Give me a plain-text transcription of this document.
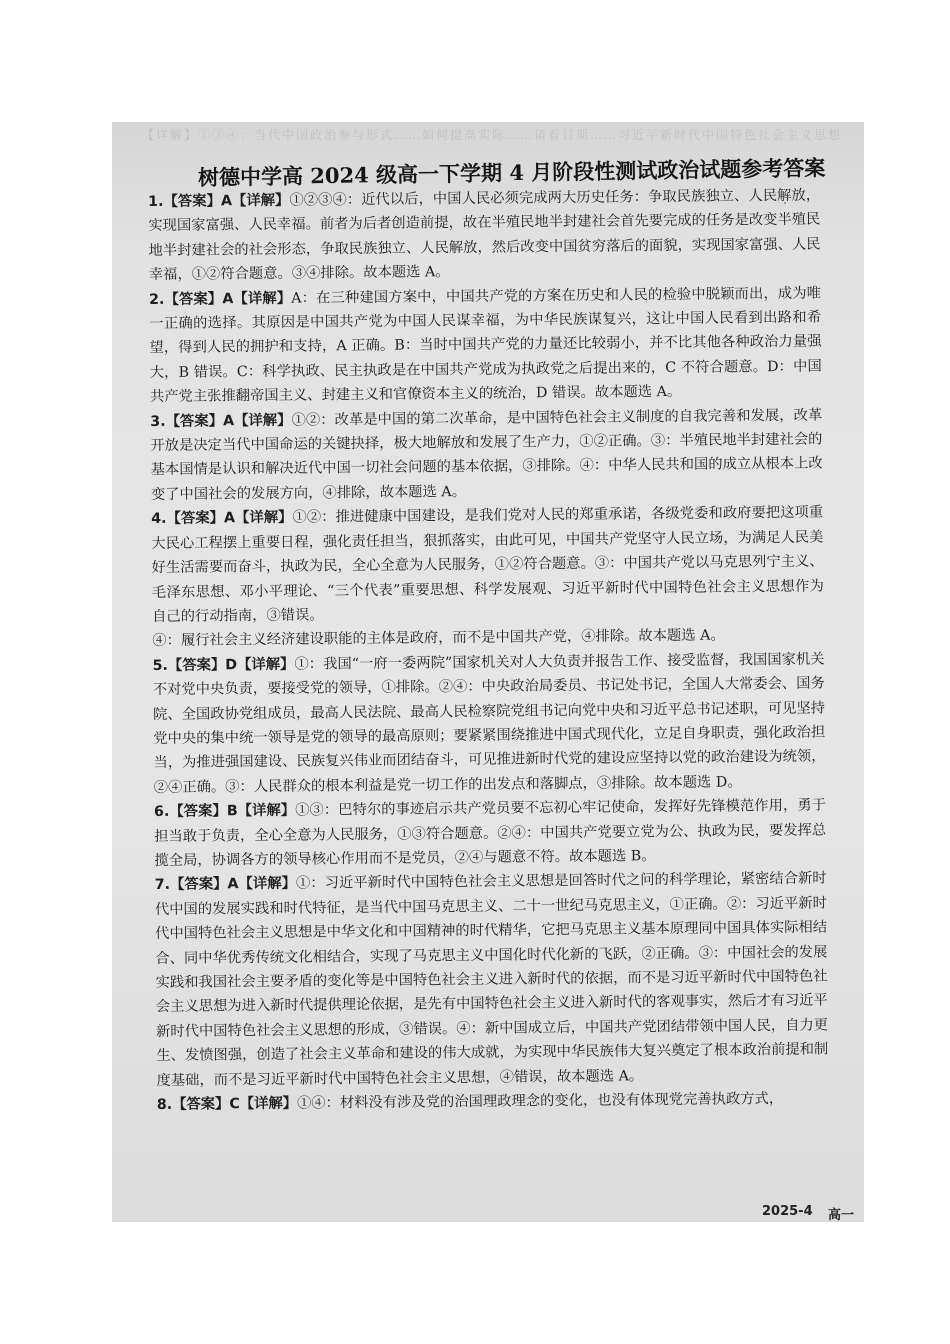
【详解】②③④：当代中国政治参与形式……如何提高实际……请看日期……习近平新时代中国特色社会主义思想
树德中学高 2024 级高一下学期 4 月阶段性测试政治试题参考答案

1.【答案】A【详解】①②③④：近代以后，中国人民必须完成两大历史任务：争取民族独立、人民解放，实现国家富强、人民幸福。前者为后者创造前提，故在半殖民地半封建社会首先要完成的任务是改变半殖民地半封建社会的社会形态，争取民族独立、人民解放，然后改变中国贫穷落后的面貌，实现国家富强、人民幸福，①②符合题意。③④排除。故本题选 A。

2.【答案】A【详解】A：在三种建国方案中，中国共产党的方案在历史和人民的检验中脱颖而出，成为唯一正确的选择。其原因是中国共产党为中国人民谋幸福，为中华民族谋复兴，这让中国人民看到出路和希望，得到人民的拥护和支持，A 正确。B：当时中国共产党的力量还比较弱小，并不比其他各种政治力量强大，B 错误。C：科学执政、民主执政是在中国共产党成为执政党之后提出来的，C 不符合题意。D：中国共产党主张推翻帝国主义、封建主义和官僚资本主义的统治，D 错误。故本题选 A。

3.【答案】A【详解】①②：改革是中国的第二次革命，是中国特色社会主义制度的自我完善和发展，改革开放是决定当代中国命运的关键抉择，极大地解放和发展了生产力，①②正确。③：半殖民地半封建社会的基本国情是认识和解决近代中国一切社会问题的基本依据，③排除。④：中华人民共和国的成立从根本上改变了中国社会的发展方向，④排除，故本题选 A。

4.【答案】A【详解】①②：推进健康中国建设，是我们党对人民的郑重承诺，各级党委和政府要把这项重大民心工程摆上重要日程，强化责任担当，狠抓落实，由此可见，中国共产党坚守人民立场，为满足人民美好生活需要而奋斗，执政为民，全心全意为人民服务，①②符合题意。③：中国共产党以马克思列宁主义、毛泽东思想、邓小平理论、“三个代表”重要思想、科学发展观、习近平新时代中国特色社会主义思想作为自己的行动指南，③错误。

④：履行社会主义经济建设职能的主体是政府，而不是中国共产党，④排除。故本题选 A。

5.【答案】D【详解】①：我国“一府一委两院”国家机关对人大负责并报告工作、接受监督，我国国家机关不对党中央负责，要接受党的领导，①排除。②④：中央政治局委员、书记处书记，全国人大常委会、国务院、全国政协党组成员，最高人民法院、最高人民检察院党组书记向党中央和习近平总书记述职，可见坚持党中央的集中统一领导是党的领导的最高原则；要紧紧围绕推进中国式现代化，立足自身职责，强化政治担当，为推进强国建设、民族复兴伟业而团结奋斗，可见推进新时代党的建设应坚持以党的政治建设为统领，②④正确。③：人民群众的根本利益是党一切工作的出发点和落脚点，③排除。故本题选 D。

6.【答案】B【详解】①③：巴特尔的事迹启示共产党员要不忘初心牢记使命，发挥好先锋模范作用，勇于担当敢于负责，全心全意为人民服务，①③符合题意。②④：中国共产党要立党为公、执政为民，要发挥总揽全局，协调各方的领导核心作用而不是党员，②④与题意不符。故本题选 B。

7.【答案】A【详解】①：习近平新时代中国特色社会主义思想是回答时代之问的科学理论，紧密结合新时代中国的发展实践和时代特征，是当代中国马克思主义、二十一世纪马克思主义，①正确。②：习近平新时代中国特色社会主义思想是中华文化和中国精神的时代精华，它把马克思主义基本原理同中国具体实际相结合、同中华优秀传统文化相结合，实现了马克思主义中国化时代化新的飞跃，②正确。③：中国社会的发展实践和我国社会主要矛盾的变化等是中国特色社会主义进入新时代的依据，而不是习近平新时代中国特色社会主义思想为进入新时代提供理论依据，是先有中国特色社会主义进入新时代的客观事实，然后才有习近平新时代中国特色社会主义思想的形成，③错误。④：新中国成立后，中国共产党团结带领中国人民，自力更生、发愤图强，创造了社会主义革命和建设的伟大成就，为实现中华民族伟大复兴奠定了根本政治前提和制度基础，而不是习近平新时代中国特色社会主义思想，④错误，故本题选 A。

8.【答案】C【详解】①④：材料没有涉及党的治国理政理念的变化，也没有体现党完善执政方式，

2025-4 高一
